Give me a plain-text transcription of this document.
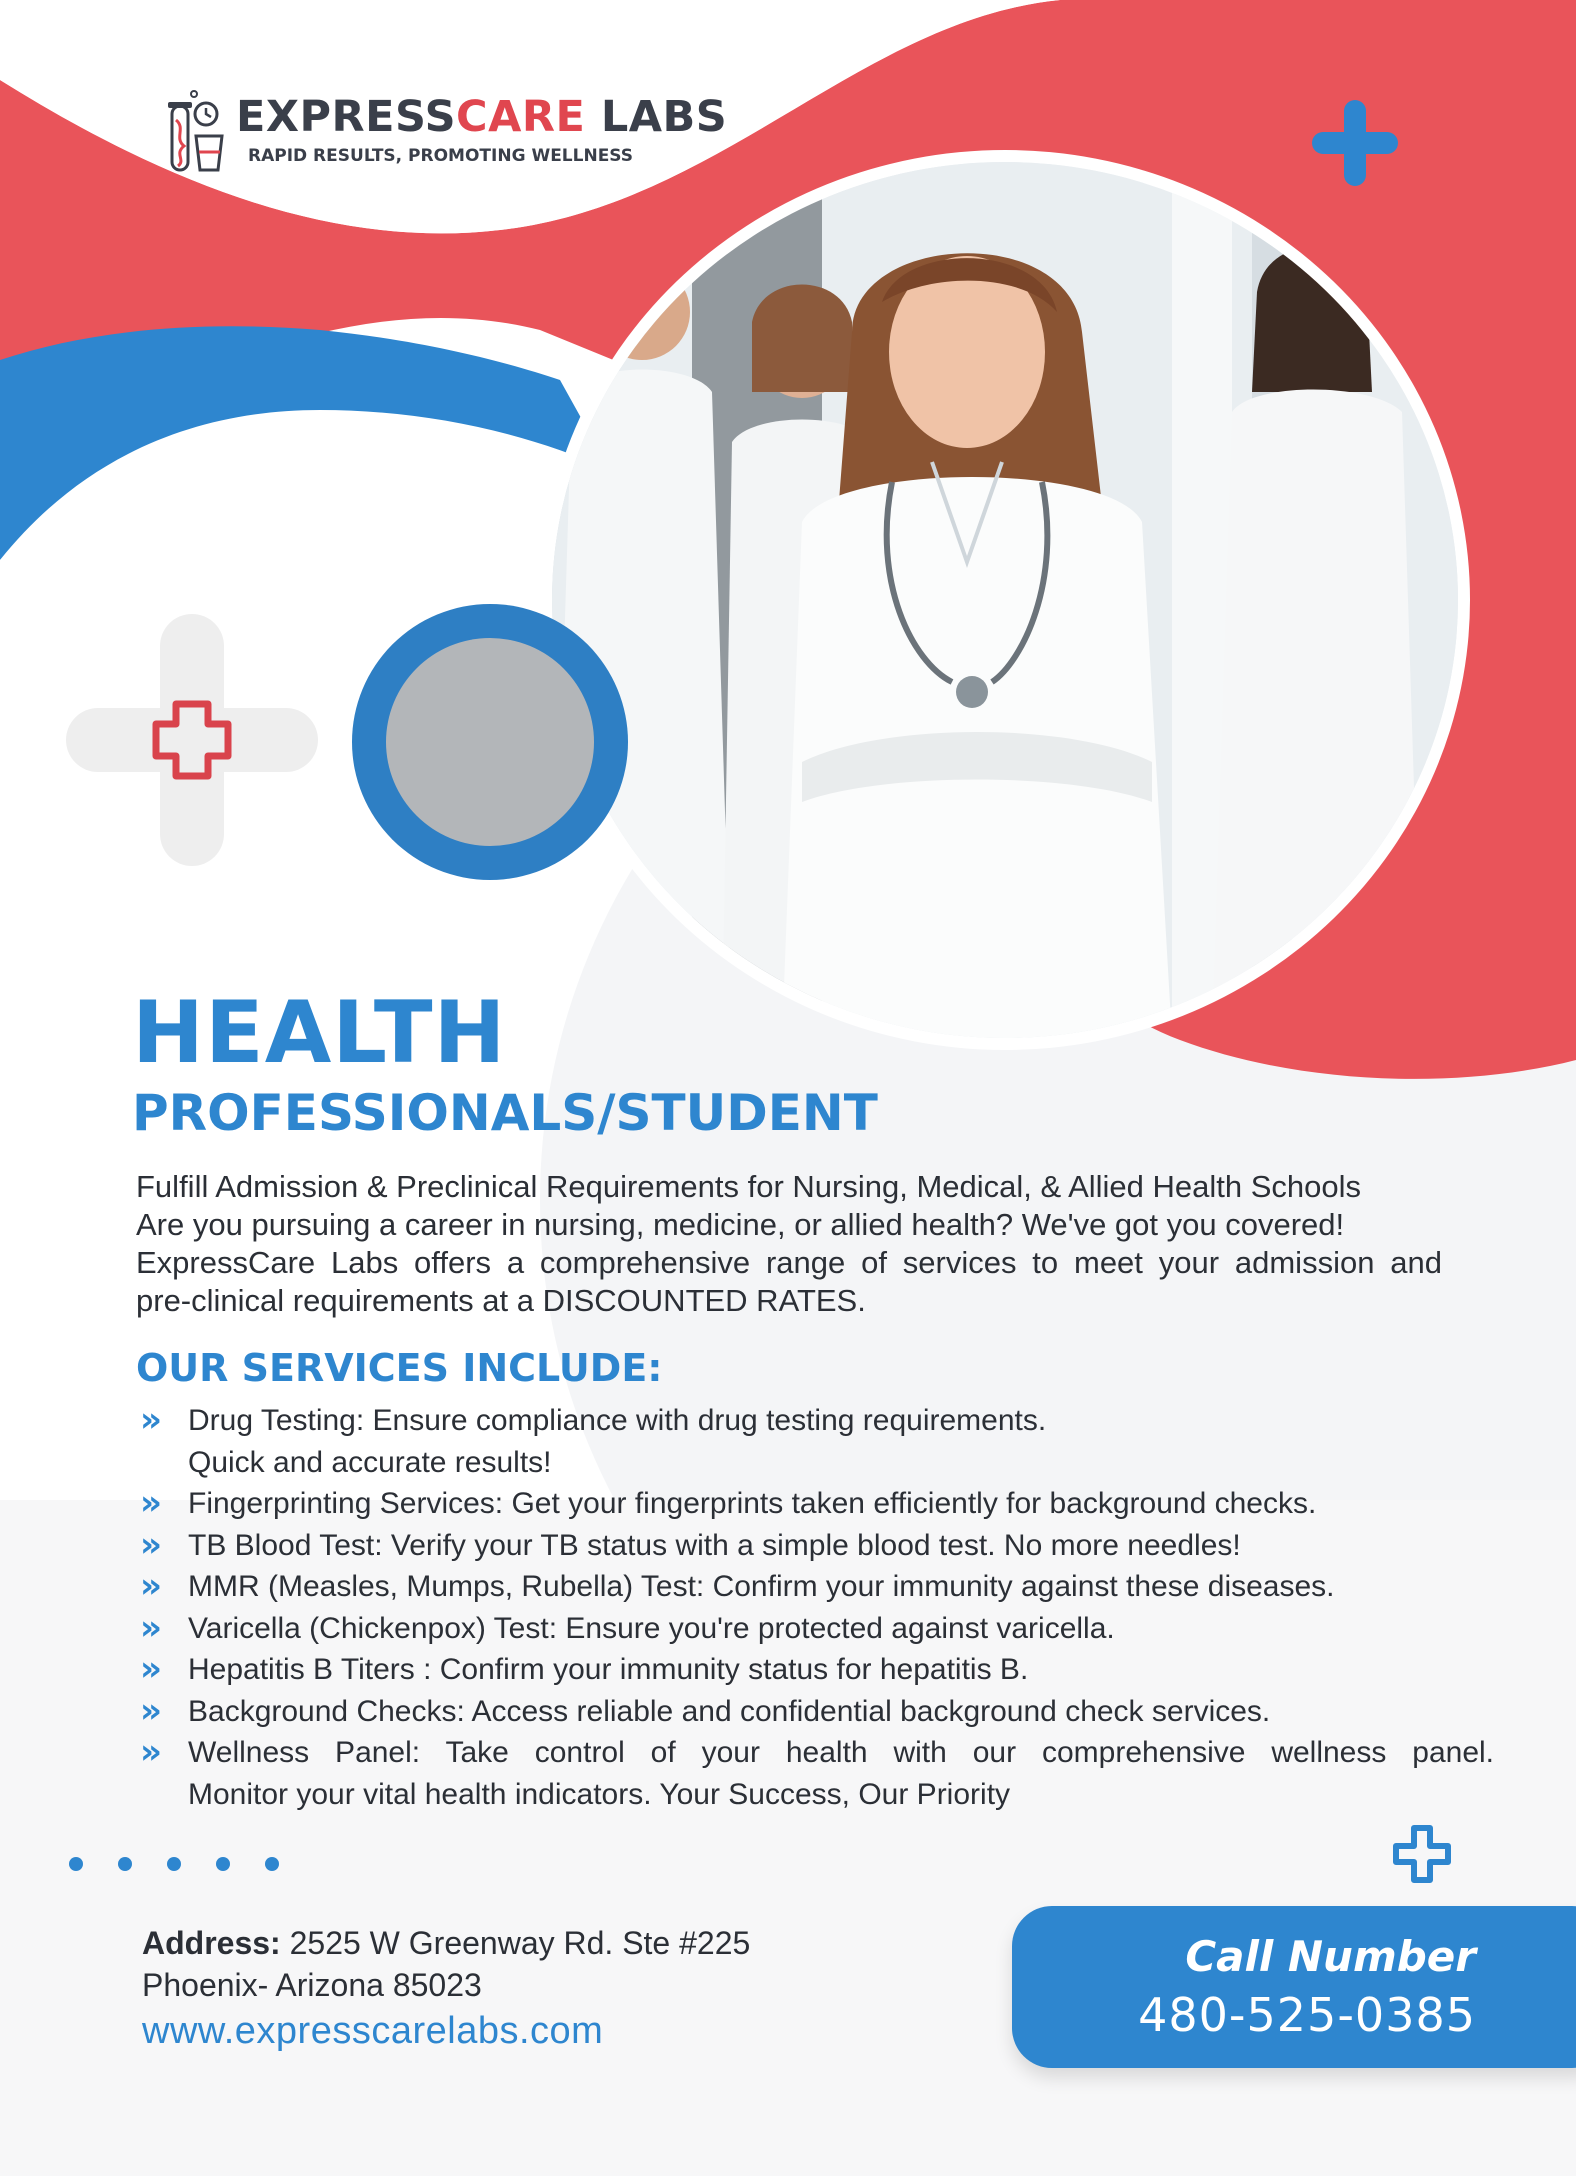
EXPRESSCARE LABS
RAPID RESULTS, PROMOTING WELLNESS
HEALTH
PROFESSIONALS/STUDENT
Fulfill Admission & Preclinical Requirements for Nursing, Medical, & Allied Health Schools
Are you pursuing a career in nursing, medicine, or allied health? We've got you covered!
ExpressCare Labs offers a comprehensive range of services to meet your admission and
pre-clinical requirements at a DISCOUNTED RATES.
OUR SERVICES INCLUDE:
›› Drug Testing: Ensure compliance with drug testing requirements.
Quick and accurate results!
›› Fingerprinting Services: Get your fingerprints taken efficiently for background checks.
›› TB Blood Test: Verify your TB status with a simple blood test. No more needles!
›› MMR (Measles, Mumps, Rubella) Test: Confirm your immunity against these diseases.
›› Varicella (Chickenpox) Test: Ensure you're protected against varicella.
›› Hepatitis B Titers : Confirm your immunity status for hepatitis B.
›› Background Checks: Access reliable and confidential background check services.
›› Wellness Panel: Take control of your health with our comprehensive wellness panel.
Monitor your vital health indicators. Your Success, Our Priority
Address: 2525 W Greenway Rd. Ste #225
Phoenix- Arizona 85023
www.expresscarelabs.com
Call Number
480-525-0385
